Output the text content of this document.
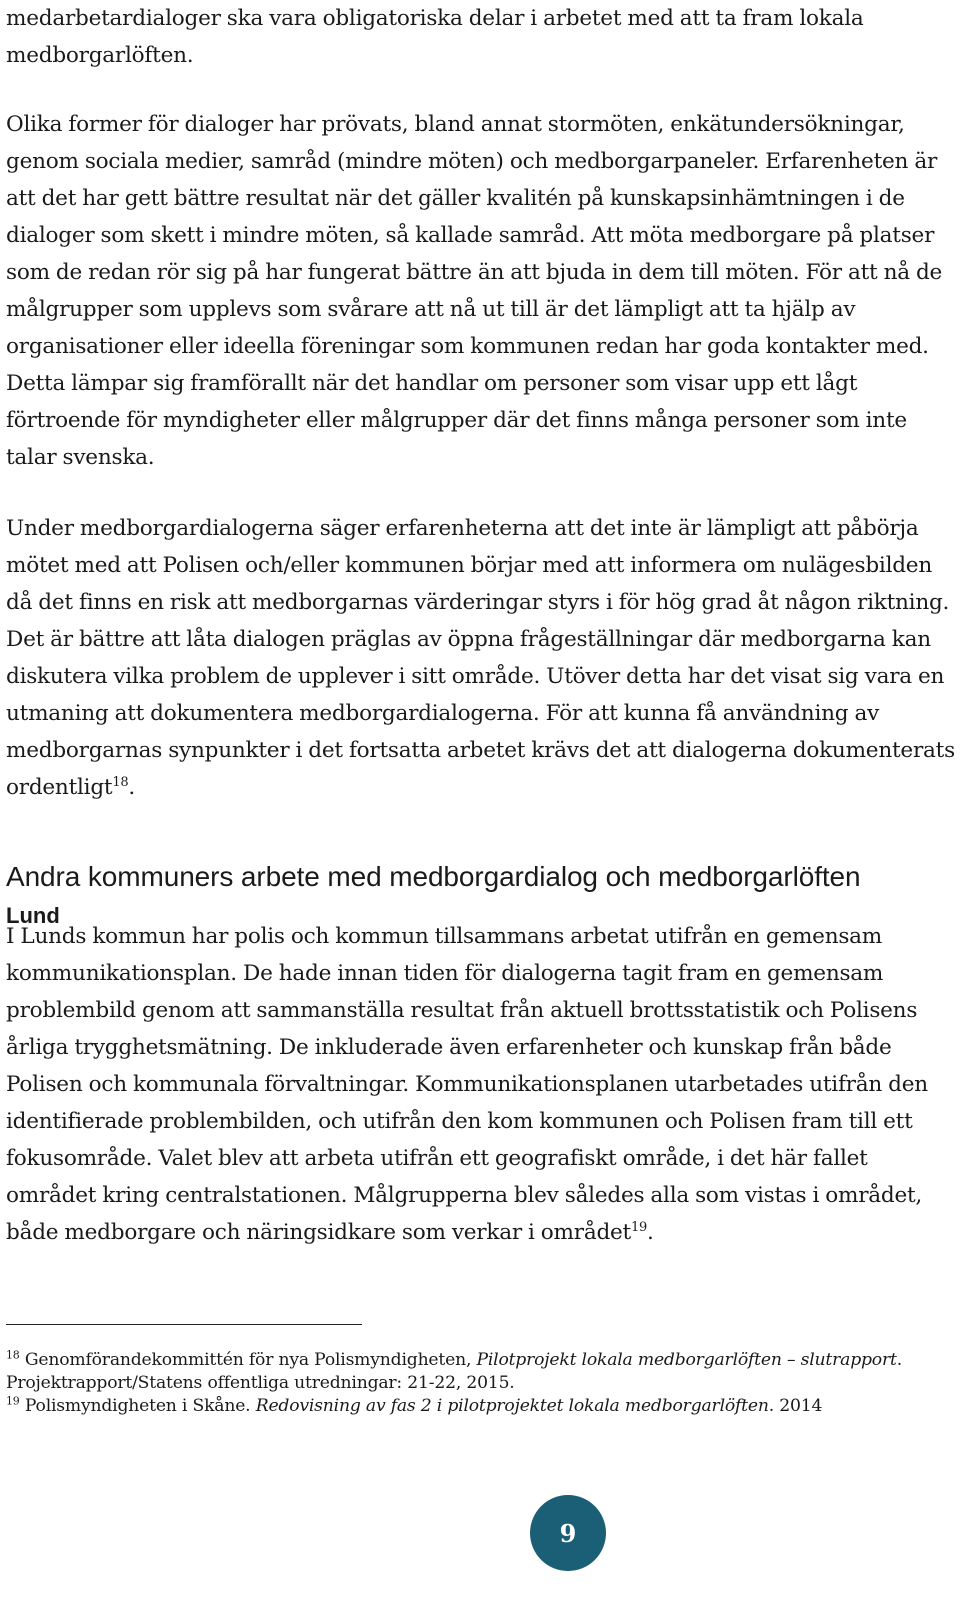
medarbetardialoger ska vara obligatoriska delar i arbetet med att ta fram lokala medborgarlöften.

Olika former för dialoger har prövats, bland annat stormöten, enkätundersökningar, genom sociala medier, samråd (mindre möten) och medborgarpaneler. Erfarenheten är att det har gett bättre resultat när det gäller kvalitén på kunskapsinhämtningen i de dialoger som skett i mindre möten, så kallade samråd. Att möta medborgare på platser som de redan rör sig på har fungerat bättre än att bjuda in dem till möten. För att nå de målgrupper som upplevs som svårare att nå ut till är det lämpligt att ta hjälp av organisationer eller ideella föreningar som kommunen redan har goda kontakter med. Detta lämpar sig framförallt när det handlar om personer som visar upp ett lågt förtroende för myndigheter eller målgrupper där det finns många personer som inte talar svenska.

Under medborgardialogerna säger erfarenheterna att det inte är lämpligt att påbörja mötet med att Polisen och/eller kommunen börjar med att informera om nulägesbilden då det finns en risk att medborgarnas värderingar styrs i för hög grad åt någon riktning. Det är bättre att låta dialogen präglas av öppna frågeställningar där medborgarna kan diskutera vilka problem de upplever i sitt område. Utöver detta har det visat sig vara en utmaning att dokumentera medborgardialogerna. För att kunna få användning av medborgarnas synpunkter i det fortsatta arbetet krävs det att dialogerna dokumenterats ordentligt$^{18}$.

Andra kommuners arbete med medborgardialog och medborgarlöften
Lund

I Lunds kommun har polis och kommun tillsammans arbetat utifrån en gemensam kommunikationsplan. De hade innan tiden för dialogerna tagit fram en gemensam problembild genom att sammanställa resultat från aktuell brottsstatistik och Polisens årliga trygghetsmätning. De inkluderade även erfarenheter och kunskap från både Polisen och kommunala förvaltningar. Kommunikationsplanen utarbetades utifrån den identifierade problembilden, och utifrån den kom kommunen och Polisen fram till ett fokusområde. Valet blev att arbeta utifrån ett geografiskt område, i det här fallet området kring centralstationen. Målgrupperna blev således alla som vistas i området, både medborgare och näringsidkare som verkar i området$^{19}$.

$^{18}$ Genomförandekommittén för nya Polismyndigheten, Pilotprojekt lokala medborgarlöften – slutrapport. Projektrapport/Statens offentliga utredningar: 21-22, 2015.

$^{19}$ Polismyndigheten i Skåne. Redovisning av fas 2 i pilotprojektet lokala medborgarlöften. 2014

9
